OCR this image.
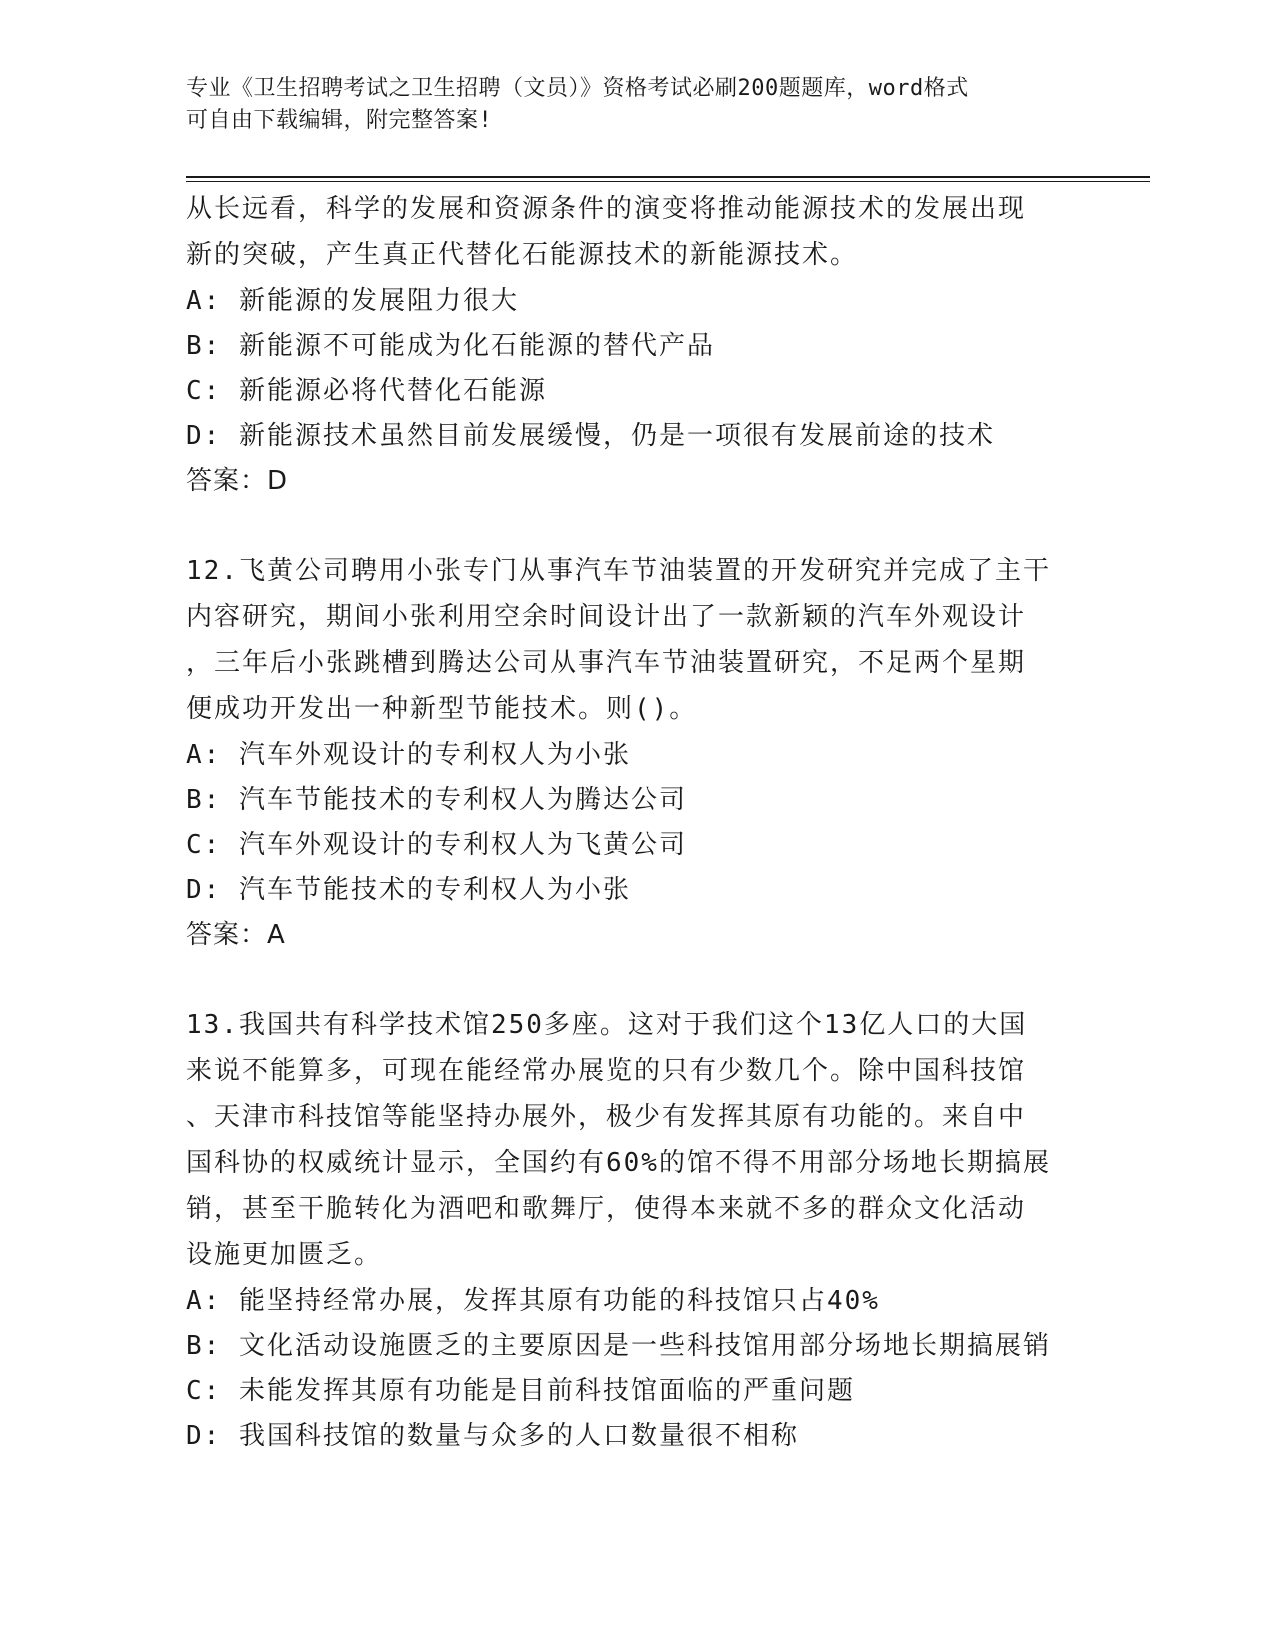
专业《卫生招聘考试之卫生招聘（文员）》资格考试必刷200题题库，word格式
可自由下载编辑，附完整答案!
从长远看，科学的发展和资源条件的演变将推动能源技术的发展出现
新的突破，产生真正代替化石能源技术的新能源技术。
A: 新能源的发展阻力很大
B: 新能源不可能成为化石能源的替代产品
C: 新能源必将代替化石能源
D: 新能源技术虽然目前发展缓慢，仍是一项很有发展前途的技术
答案：D
12.飞黄公司聘用小张专门从事汽车节油装置的开发研究并完成了主干
内容研究，期间小张利用空余时间设计出了一款新颖的汽车外观设计
，三年后小张跳槽到腾达公司从事汽车节油装置研究，不足两个星期
便成功开发出一种新型节能技术。则()。
A: 汽车外观设计的专利权人为小张
B: 汽车节能技术的专利权人为腾达公司
C: 汽车外观设计的专利权人为飞黄公司
D: 汽车节能技术的专利权人为小张
答案：A
13.我国共有科学技术馆250多座。这对于我们这个13亿人口的大国
来说不能算多，可现在能经常办展览的只有少数几个。除中国科技馆
、天津市科技馆等能坚持办展外，极少有发挥其原有功能的。来自中
国科协的权威统计显示，全国约有60%的馆不得不用部分场地长期搞展
销，甚至干脆转化为酒吧和歌舞厅，使得本来就不多的群众文化活动
设施更加匮乏。
A: 能坚持经常办展，发挥其原有功能的科技馆只占40%
B: 文化活动设施匮乏的主要原因是一些科技馆用部分场地长期搞展销
C: 未能发挥其原有功能是目前科技馆面临的严重问题
D: 我国科技馆的数量与众多的人口数量很不相称
